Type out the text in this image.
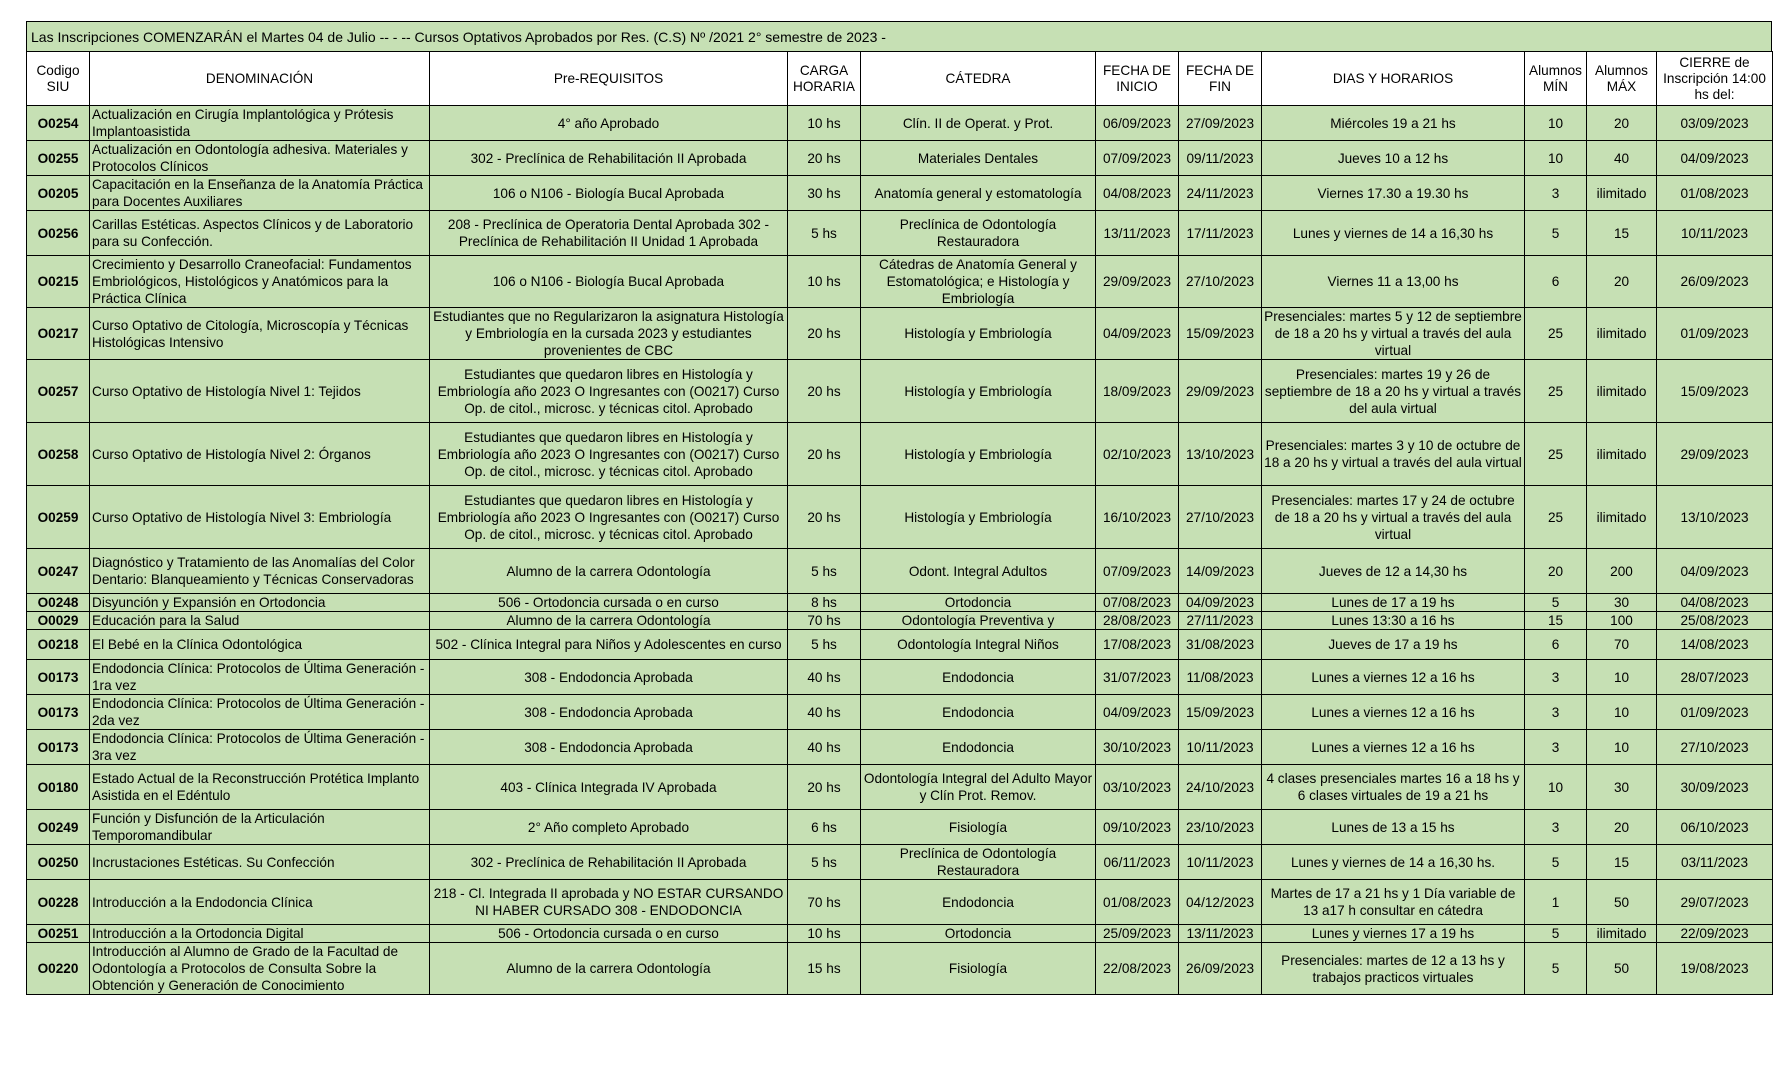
Las Inscripciones COMENZARÁN el Martes 04 de Julio -- - -- Cursos Optativos Aprobados por Res. (C.S) Nº /2021 2° semestre de 2023 -
Codigo SIU	DENOMINACIÓN	Pre-REQUISITOS	CARGA HORARIA	CÁTEDRA	FECHA DE INICIO	FECHA DE FIN	DIAS Y HORARIOS	Alumnos MÍN	Alumnos MÁX	CIERRE de Inscripción 14:00 hs del:
O0254	Actualización en Cirugía Implantológica y Prótesis Implantoasistida	4° año Aprobado	10 hs	Clín. II de Operat. y Prot.	06/09/2023	27/09/2023	Miércoles 19 a 21 hs	10	20	03/09/2023
O0255	Actualización en Odontología adhesiva. Materiales y Protocolos Clínicos	302 - Preclínica de Rehabilitación II Aprobada	20 hs	Materiales Dentales	07/09/2023	09/11/2023	Jueves 10 a 12 hs	10	40	04/09/2023
O0205	Capacitación en la Enseñanza de la Anatomía Práctica para Docentes Auxiliares	106 o N106 - Biología Bucal Aprobada	30 hs	Anatomía general y estomatología	04/08/2023	24/11/2023	Viernes 17.30 a 19.30 hs	3	ilimitado	01/08/2023
O0256	Carillas Estéticas. Aspectos Clínicos y de Laboratorio para su Confección.	208 - Preclínica de Operatoria Dental Aprobada 302 - Preclínica de Rehabilitación II Unidad 1 Aprobada	5 hs	Preclínica de Odontología Restauradora	13/11/2023	17/11/2023	Lunes y viernes de 14 a 16,30 hs	5	15	10/11/2023
O0215	Crecimiento y Desarrollo Craneofacial: Fundamentos Embriológicos, Histológicos y Anatómicos para la Práctica Clínica	106 o N106 - Biología Bucal Aprobada	10 hs	Cátedras de Anatomía General y Estomatológica; e Histología y Embriología	29/09/2023	27/10/2023	Viernes 11 a 13,00 hs	6	20	26/09/2023
O0217	Curso Optativo de Citología, Microscopía y Técnicas Histológicas Intensivo	Estudiantes que no Regularizaron la asignatura Histología y Embriología en la cursada 2023 y estudiantes provenientes de CBC	20 hs	Histología y Embriología	04/09/2023	15/09/2023	Presenciales: martes 5 y 12 de septiembre de 18 a 20 hs y virtual a través del aula virtual	25	ilimitado	01/09/2023
O0257	Curso Optativo de Histología Nivel 1: Tejidos	Estudiantes que quedaron libres en Histología y Embriología año 2023 O Ingresantes con (O0217) Curso Op. de citol., microsc. y técnicas citol. Aprobado	20 hs	Histología y Embriología	18/09/2023	29/09/2023	Presenciales: martes 19 y 26 de septiembre de 18 a 20 hs y virtual a través del aula virtual	25	ilimitado	15/09/2023
O0258	Curso Optativo de Histología Nivel 2: Órganos	Estudiantes que quedaron libres en Histología y Embriología año 2023 O Ingresantes con (O0217) Curso Op. de citol., microsc. y técnicas citol. Aprobado	20 hs	Histología y Embriología	02/10/2023	13/10/2023	Presenciales: martes 3 y 10 de octubre de 18 a 20 hs y virtual a través del aula virtual	25	ilimitado	29/09/2023
O0259	Curso Optativo de Histología Nivel 3: Embriología	Estudiantes que quedaron libres en Histología y Embriología año 2023 O Ingresantes con (O0217) Curso Op. de citol., microsc. y técnicas citol. Aprobado	20 hs	Histología y Embriología	16/10/2023	27/10/2023	Presenciales: martes 17 y 24 de octubre de 18 a 20 hs y virtual a través del aula virtual	25	ilimitado	13/10/2023
O0247	Diagnóstico y Tratamiento de las Anomalías del Color Dentario: Blanqueamiento y Técnicas Conservadoras	Alumno de la carrera Odontología	5 hs	Odont. Integral Adultos	07/09/2023	14/09/2023	Jueves de 12 a 14,30 hs	20	200	04/09/2023
O0248	Disyunción y Expansión en Ortodoncia	506 - Ortodoncia cursada o en curso	8 hs	Ortodoncia	07/08/2023	04/09/2023	Lunes de 17 a 19 hs	5	30	04/08/2023
O0029	Educación para la Salud	Alumno de la carrera Odontología	70 hs	Odontología Preventiva y	28/08/2023	27/11/2023	Lunes 13:30 a 16 hs	15	100	25/08/2023
O0218	El Bebé en la Clínica Odontológica	502 - Clínica Integral para Niños y Adolescentes en curso	5 hs	Odontología Integral Niños	17/08/2023	31/08/2023	Jueves de 17 a 19 hs	6	70	14/08/2023
O0173	Endodoncia Clínica: Protocolos de Última Generación - 1ra vez	308 - Endodoncia Aprobada	40 hs	Endodoncia	31/07/2023	11/08/2023	Lunes a viernes 12 a 16 hs	3	10	28/07/2023
O0173	Endodoncia Clínica: Protocolos de Última Generación - 2da vez	308 - Endodoncia Aprobada	40 hs	Endodoncia	04/09/2023	15/09/2023	Lunes a viernes 12 a 16 hs	3	10	01/09/2023
O0173	Endodoncia Clínica: Protocolos de Última Generación - 3ra vez	308 - Endodoncia Aprobada	40 hs	Endodoncia	30/10/2023	10/11/2023	Lunes a viernes 12 a 16 hs	3	10	27/10/2023
O0180	Estado Actual de la Reconstrucción Protética Implanto Asistida en el Edéntulo	403 - Clínica Integrada IV Aprobada	20 hs	Odontología Integral del Adulto Mayor y Clín Prot. Remov.	03/10/2023	24/10/2023	4 clases presenciales martes 16 a 18 hs y 6 clases virtuales de 19 a 21 hs	10	30	30/09/2023
O0249	Función y Disfunción de la Articulación Temporomandibular	2° Año completo Aprobado	6 hs	Fisiología	09/10/2023	23/10/2023	Lunes de 13 a 15 hs	3	20	06/10/2023
O0250	Incrustaciones Estéticas. Su Confección	302 - Preclínica de Rehabilitación II Aprobada	5 hs	Preclínica de Odontología Restauradora	06/11/2023	10/11/2023	Lunes y viernes de 14 a 16,30 hs.	5	15	03/11/2023
O0228	Introducción a la Endodoncia Clínica	218 - Cl. Integrada II aprobada y NO ESTAR CURSANDO NI HABER CURSADO 308 - ENDODONCIA	70 hs	Endodoncia	01/08/2023	04/12/2023	Martes de 17 a 21 hs y 1 Día variable de 13 a17 h consultar en cátedra	1	50	29/07/2023
O0251	Introducción a la Ortodoncia Digital	506 - Ortodoncia cursada o en curso	10 hs	Ortodoncia	25/09/2023	13/11/2023	Lunes y viernes 17 a 19 hs	5	ilimitado	22/09/2023
O0220	Introducción al Alumno de Grado de la Facultad de Odontología a Protocolos de Consulta Sobre la Obtención y Generación de Conocimiento	Alumno de la carrera Odontología	15 hs	Fisiología	22/08/2023	26/09/2023	Presenciales: martes de 12 a 13 hs y trabajos practicos virtuales	5	50	19/08/2023
